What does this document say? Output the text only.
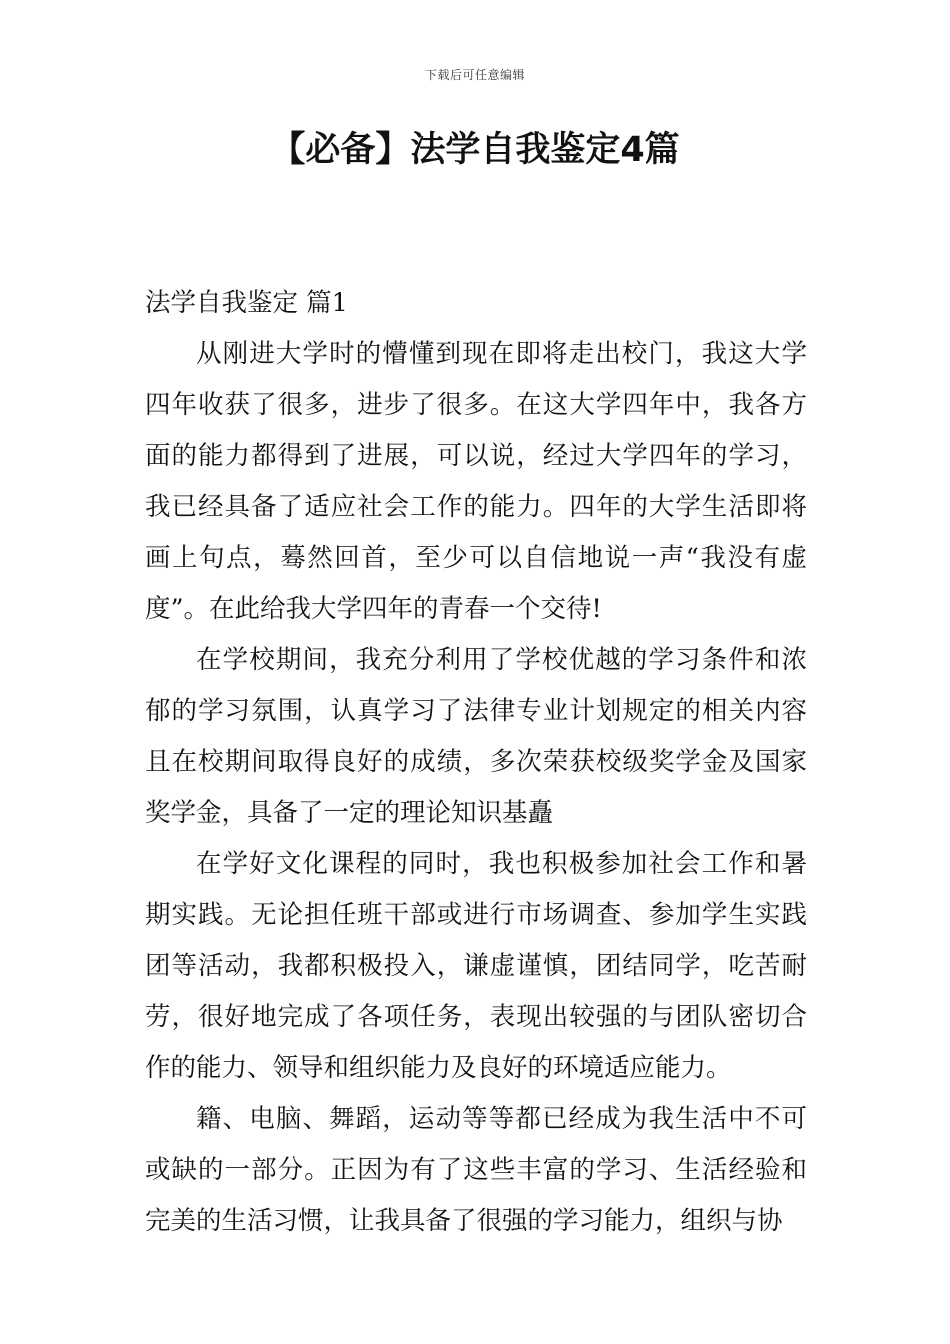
下载后可任意编辑
【必备】法学自我鉴定4篇
法学自我鉴定 篇1

从刚进大学时的懵懂到现在即将走出校门，我这大学四年收获了很多，进步了很多。在这大学四年中，我各方面的能力都得到了进展，可以说，经过大学四年的学习，我已经具备了适应社会工作的能力。四年的大学生活即将画上句点，蓦然回首，至少可以自信地说一声“我没有虚度”。在此给我大学四年的青春一个交待!

在学校期间，我充分利用了学校优越的学习条件和浓郁的学习氛围，认真学习了法律专业计划规定的相关内容且在校期间取得良好的成绩，多次荣获校级奖学金及国家奖学金，具备了一定的理论知识基矗

在学好文化课程的同时，我也积极参加社会工作和暑期实践。无论担任班干部或进行市场调查、参加学生实践团等活动，我都积极投入，谦虚谨慎，团结同学，吃苦耐劳，很好地完成了各项任务，表现出较强的与团队密切合作的能力、领导和组织能力及良好的环境适应能力。

籍、电脑、舞蹈，运动等等都已经成为我生活中不可或缺的一部分。正因为有了这些丰富的学习、生活经验和完美的生活习惯，让我具备了很强的学习能力，组织与协
